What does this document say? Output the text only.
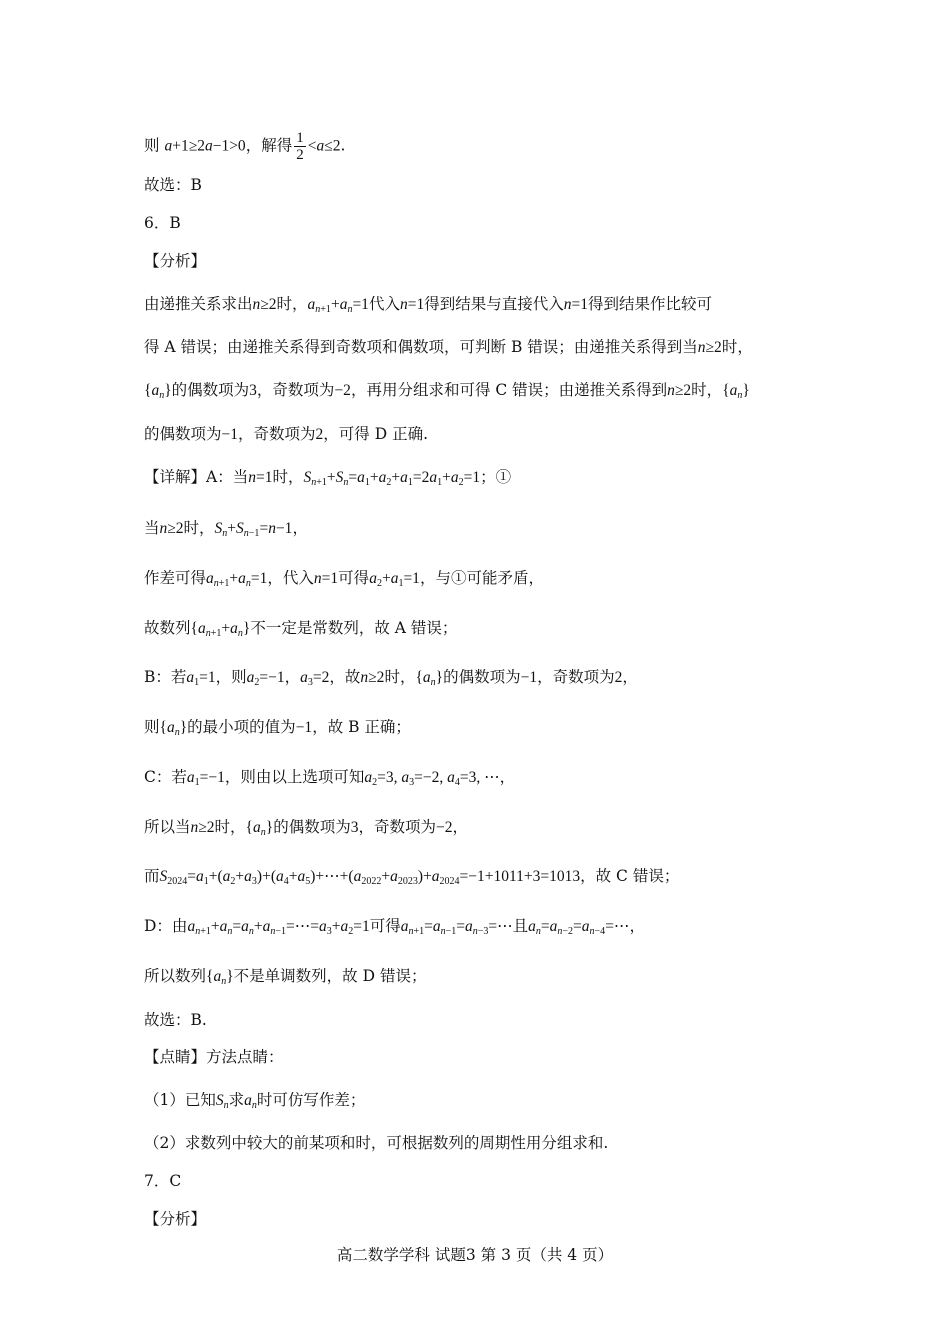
则 a+1≥2a−1>0，解得 $\frac{1}{2} <a\le 2$.
故选：B
6．B
【分析】
由递推关系求出n≥2时，$a_{n+1}+a_n=1$代入n=1得到结果与直接代入n=1得到结果作比较可
得 A 错误；由递推关系得到奇数项和偶数项，可判断 B 错误；由递推关系得到当n≥2时，
$\{a_n\}$的偶数项为3，奇数项为−2，再用分组求和可得 C 错误；由递推关系得到n≥2时，$\{a_n\}$
的偶数项为−1，奇数项为2，可得 D 正确.
【详解】A：当n=1时，$S_{n+1}+S_n=a_1+a_2+a_1=2a_1+a_2=1$；①
当n≥2时，$S_n+S_{n-1}=n-1$，
作差可得$a_{n+1}+a_n=1$，代入n=1可得$a_2+a_1=1$，与①可能矛盾，
故数列$\{a_{n+1}+a_n\}$不一定是常数列，故 A 错误；
B：若$a_1=1$，则$a_2=-1$，$a_3=2$，故n≥2时，$\{a_n\}$的偶数项为−1，奇数项为2，
则$\{a_n\}$的最小项的值为−1，故 B 正确；
C：若$a_1=-1$，则由以上选项可知$a_2=3$, $a_3=-2$, $a_4=3$, ⋯，
所以当n≥2时，$\{a_n\}$的偶数项为3，奇数项为−2，
而$S_{2024}=a_1+(a_2+a_3)+(a_4+a_5)+\cdots+(a_{2022}+a_{2023})+a_{2024}=-1+1011+3=1013$，故 C 错误；
D：由$a_{n+1}+a_n=a_n+a_{n-1}=\cdots=a_3+a_2=1$可得$a_{n+1}=a_{n-1}=a_{n-3}=\cdots$且$a_n=a_{n-2}=a_{n-4}=\cdots$，
所以数列$\{a_n\}$不是单调数列，故 D 错误；
故选：B.
【点睛】方法点睛：
（1）已知$S_n$求$a_n$时可仿写作差；
（2）求数列中较大的前某项和时，可根据数列的周期性用分组求和.
7．C
【分析】
高二数学学科 试题3 第 3 页（共 4 页）
